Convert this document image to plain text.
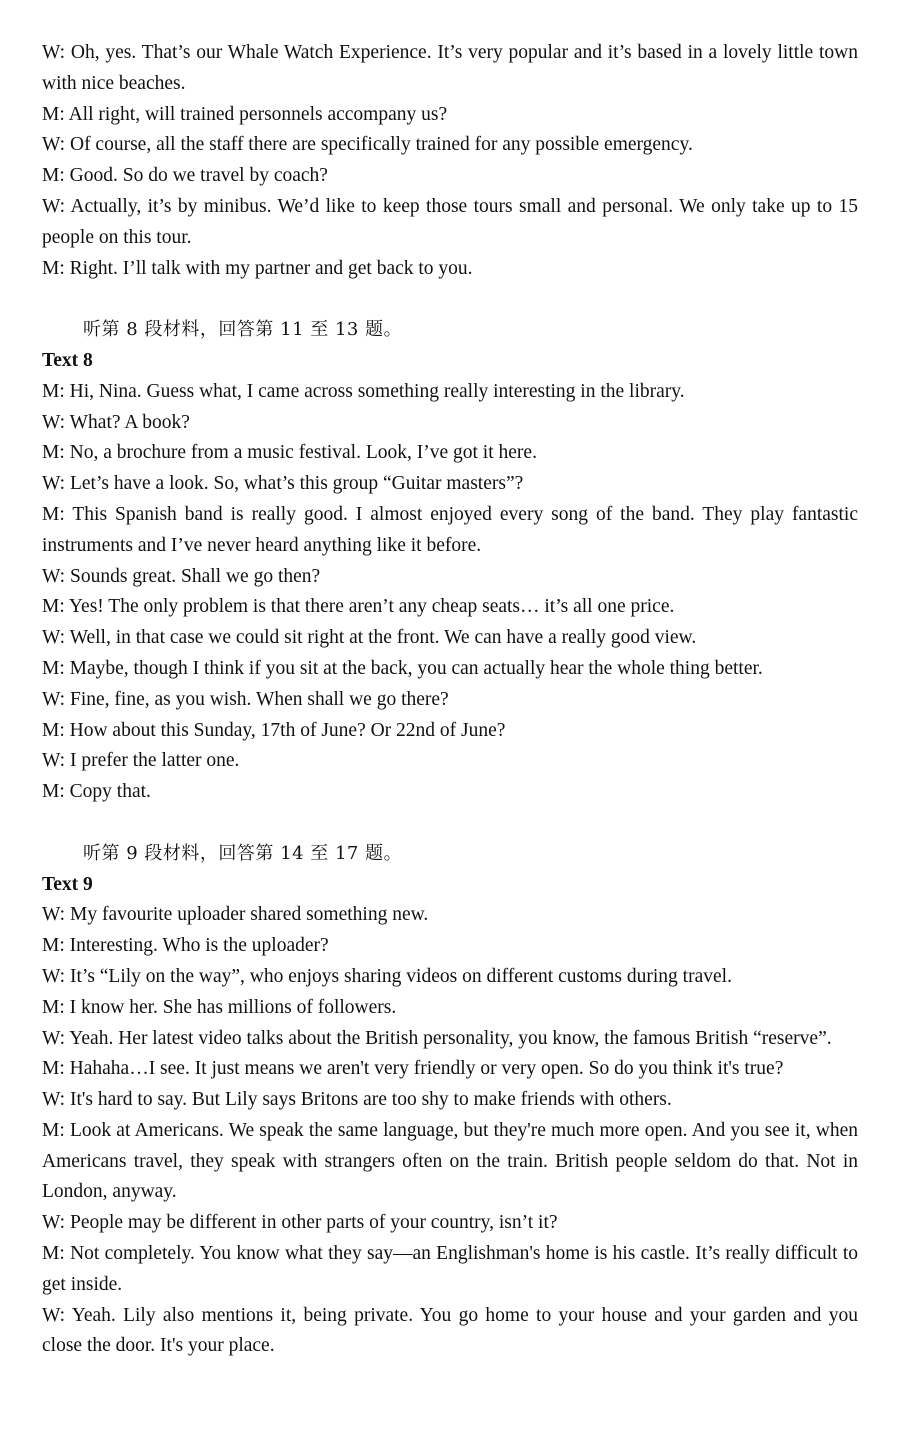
W: Oh, yes. That’s our Whale Watch Experience. It’s very popular and it’s based in a lovely little town with nice beaches.

M: All right, will trained personnels accompany us?

W: Of course, all the staff there are specifically trained for any possible emergency.

M: Good. So do we travel by coach?

W: Actually, it’s by minibus. We’d like to keep those tours small and personal. We only take up to 15 people on this tour.

M: Right. I’ll talk with my partner and get back to you.

听第 8 段材料，回答第 11 至 13 题。

Text 8

M: Hi, Nina. Guess what, I came across something really interesting in the library.

W: What? A book?

M: No, a brochure from a music festival. Look, I’ve got it here.

W: Let’s have a look. So, what’s this group “Guitar masters”?

M: This Spanish band is really good. I almost enjoyed every song of the band. They play fantastic instruments and I’ve never heard anything like it before.

W: Sounds great. Shall we go then?

M: Yes! The only problem is that there aren’t any cheap seats… it’s all one price.

W: Well, in that case we could sit right at the front. We can have a really good view.

M: Maybe, though I think if you sit at the back, you can actually hear the whole thing better.

W: Fine, fine, as you wish. When shall we go there?

M: How about this Sunday, 17th of June? Or 22nd of June?

W: I prefer the latter one.

M: Copy that.

听第 9 段材料，回答第 14 至 17 题。

Text 9

W: My favourite uploader shared something new.

M: Interesting. Who is the uploader?

W: It’s “Lily on the way”, who enjoys sharing videos on different customs during travel.

M: I know her. She has millions of followers.

W: Yeah. Her latest video talks about the British personality, you know, the famous British “reserve”.

M: Hahaha…I see. It just means we aren't very friendly or very open. So do you think it's true?

W: It's hard to say. But Lily says Britons are too shy to make friends with others.

M: Look at Americans. We speak the same language, but they're much more open. And you see it, when Americans travel, they speak with strangers often on the train. British people seldom do that. Not in London, anyway.

W: People may be different in other parts of your country, isn’t it?

M: Not completely. You know what they say—an Englishman's home is his castle. It’s really difficult to get inside.

W: Yeah. Lily also mentions it, being private. You go home to your house and your garden and you close the door. It's your place.
